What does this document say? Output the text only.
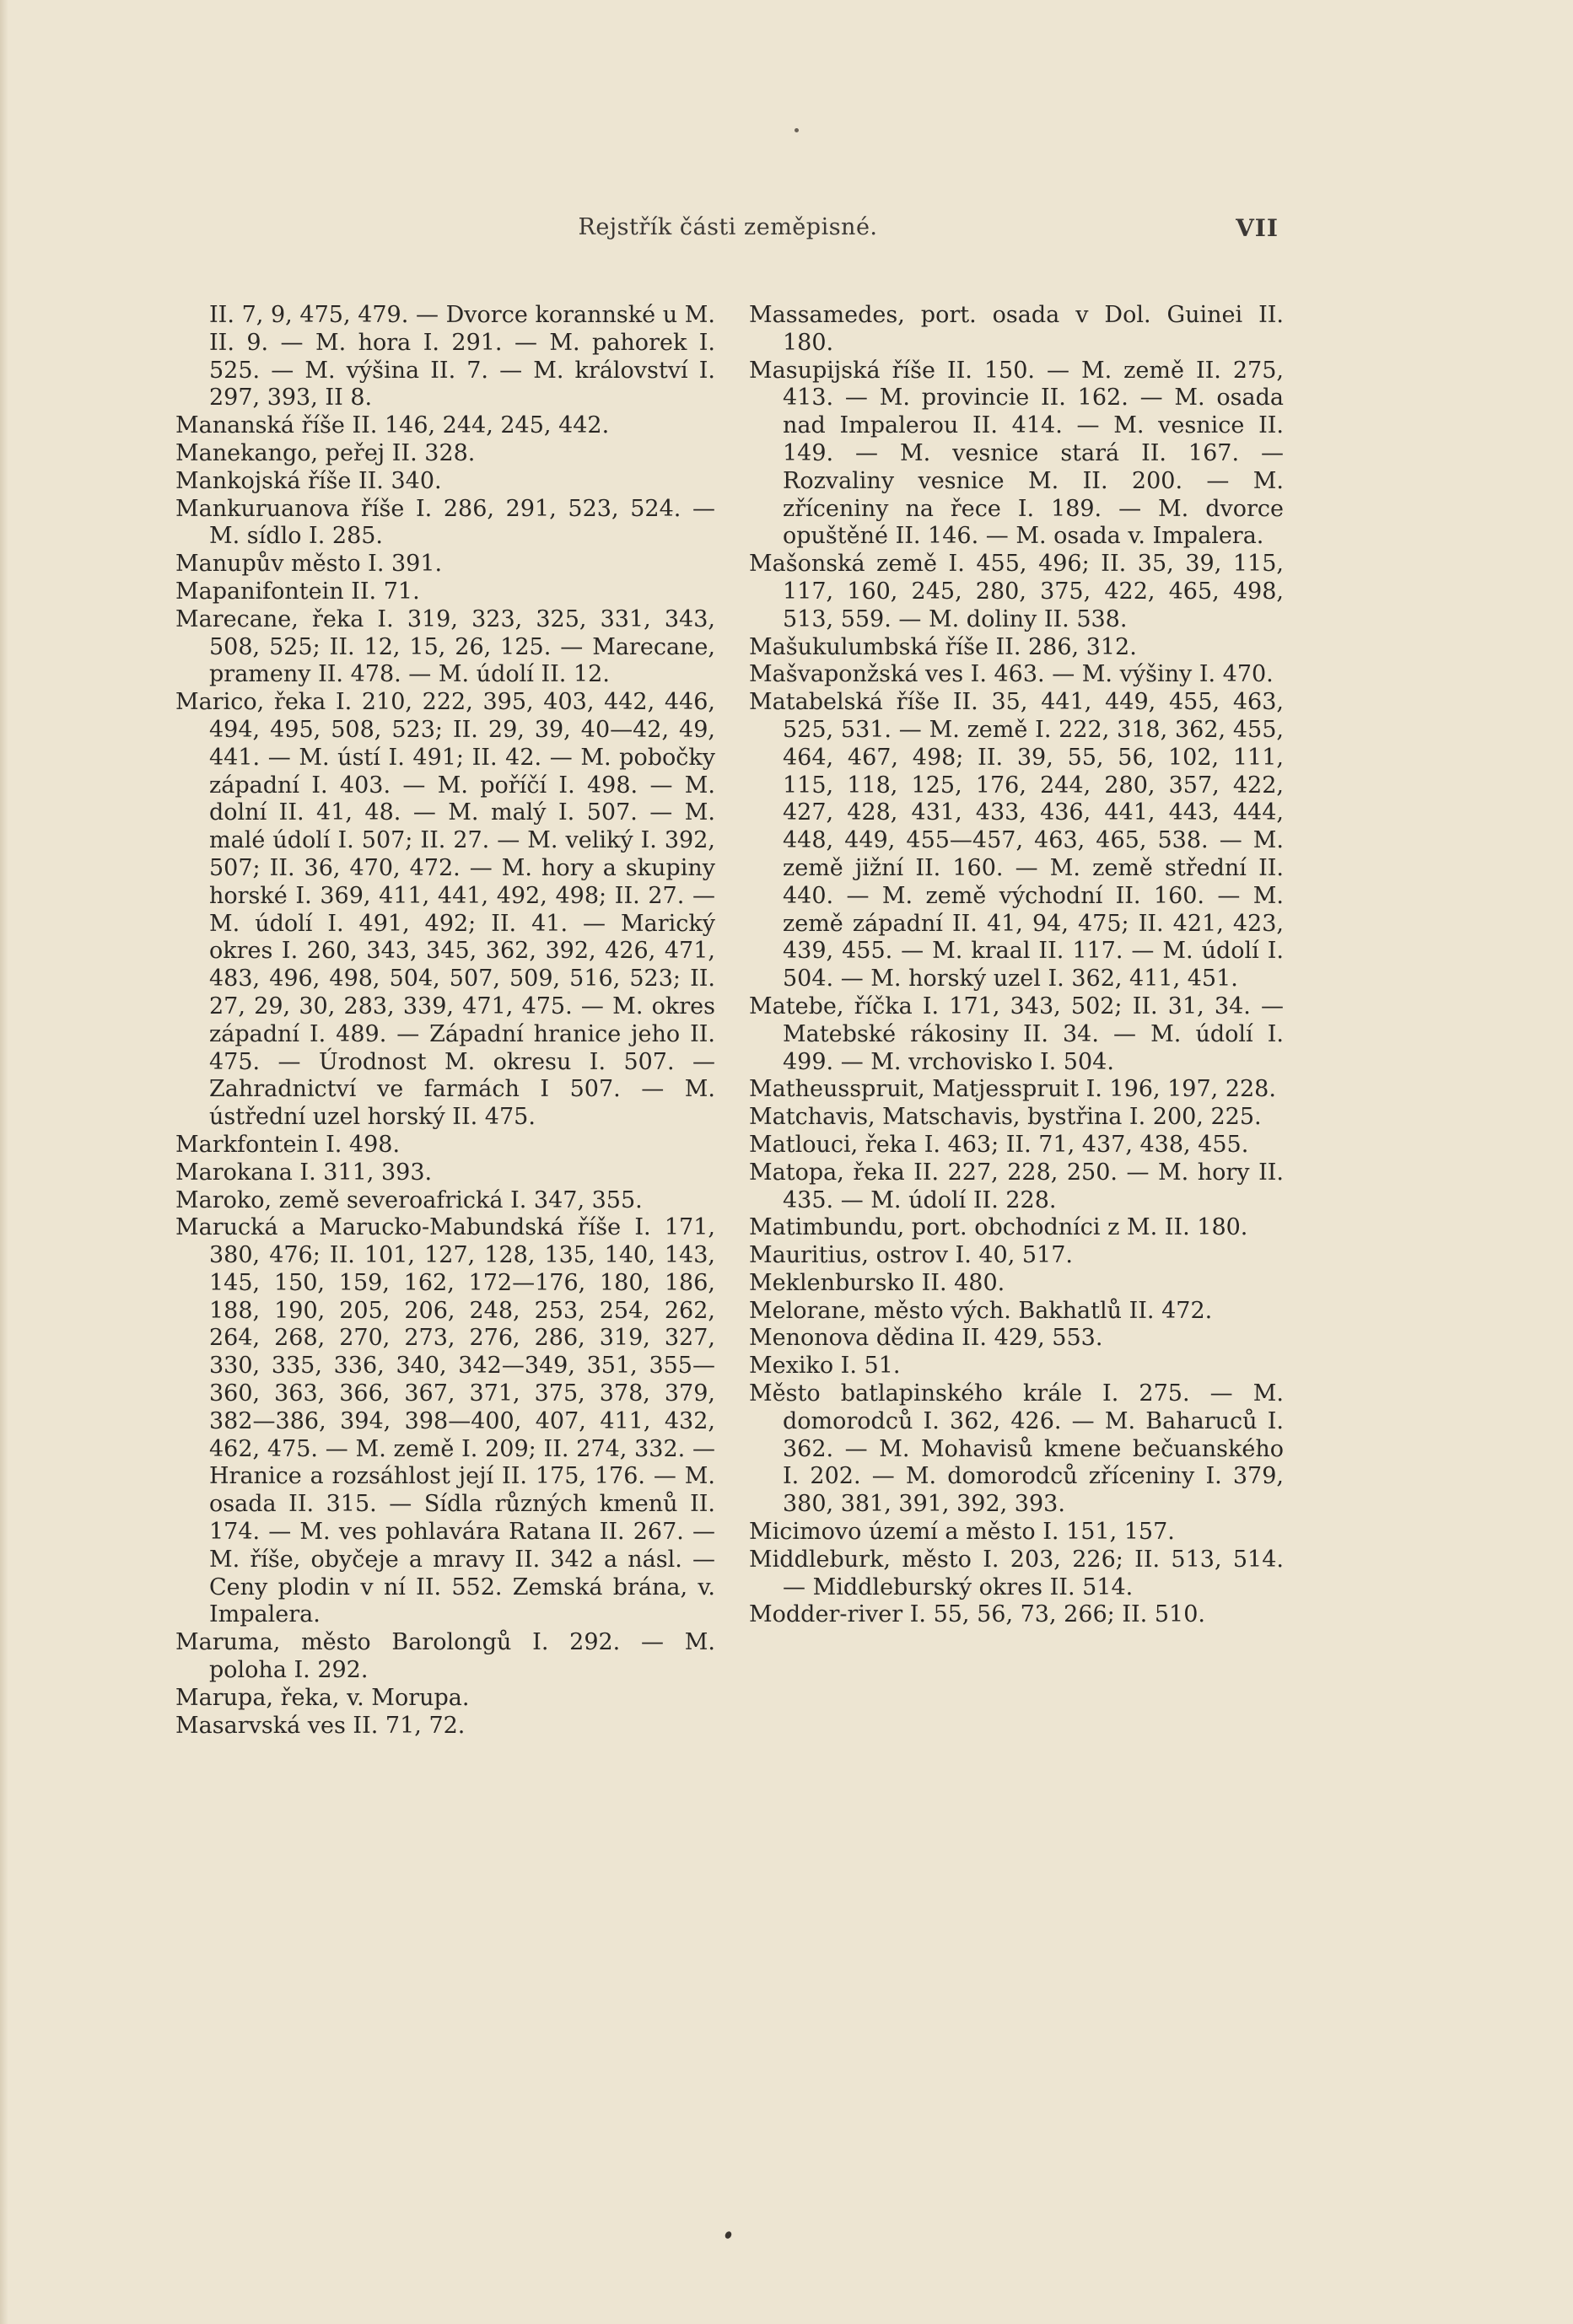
Rejstřík části zeměpisné.	VII

II. 7, 9, 475, 479. — Dvorce korannské u M. II. 9. — M. hora I. 291. — M. pahorek I. 525. — M. výšina II. 7. — M. království I. 297, 393, II 8.

Mananská říše II. 146, 244, 245, 442.

Manekango, peřej II. 328.

Mankojská říše II. 340.

Mankuruanova říše I. 286, 291, 523, 524. — M. sídlo I. 285.

Manupův město I. 391.

Mapanifontein II. 71.

Marecane, řeka I. 319, 323, 325, 331, 343, 508, 525; II. 12, 15, 26, 125. — Marecane, prameny II. 478. — M. údolí II. 12.

Marico, řeka I. 210, 222, 395, 403, 442, 446, 494, 495, 508, 523; II. 29, 39, 40—42, 49, 441. — M. ústí I. 491; II. 42. — M. pobočky západní I. 403. — M. poříčí I. 498. — M. dolní II. 41, 48. — M. malý I. 507. — M. malé údolí I. 507; II. 27. — M. veliký I. 392, 507; II. 36, 470, 472. — M. hory a skupiny horské I. 369, 411, 441, 492, 498; II. 27. — M. údolí I. 491, 492; II. 41. — Marický okres I. 260, 343, 345, 362, 392, 426, 471, 483, 496, 498, 504, 507, 509, 516, 523; II. 27, 29, 30, 283, 339, 471, 475. — M. okres západní I. 489. — Západní hranice jeho II. 475. — Úrodnost M. okresu I. 507. — Zahradnictví ve farmách I 507. — M. ústřední uzel horský II. 475.

Markfontein I. 498.

Marokana I. 311, 393.

Maroko, země severoafrická I. 347, 355.

Marucká a Marucko-Mabundská říše I. 171, 380, 476; II. 101, 127, 128, 135, 140, 143, 145, 150, 159, 162, 172—176, 180, 186, 188, 190, 205, 206, 248, 253, 254, 262, 264, 268, 270, 273, 276, 286, 319, 327, 330, 335, 336, 340, 342—349, 351, 355—360, 363, 366, 367, 371, 375, 378, 379, 382—386, 394, 398—400, 407, 411, 432, 462, 475. — M. země I. 209; II. 274, 332. — Hranice a rozsáhlost její II. 175, 176. — M. osada II. 315. — Sídla různých kmenů II. 174. — M. ves pohlavára Ratana II. 267. — M. říše, obyčeje a mravy II. 342 a násl. — Ceny plodin v ní II. 552. Zemská brána, v. Impalera.

Maruma, město Barolongů I. 292. — M. poloha I. 292.

Marupa, řeka, v. Morupa.

Masarvská ves II. 71, 72.

Massamedes, port. osada v Dol. Guinei II. 180.

Masupijská říše II. 150. — M. země II. 275, 413. — M. provincie II. 162. — M. osada nad Impalerou II. 414. — M. vesnice II. 149. — M. vesnice stará II. 167. — Rozvaliny vesnice M. II. 200. — M. zříceniny na řece I. 189. — M. dvorce opuštěné II. 146. — M. osada v. Impalera.

Mašonská země I. 455, 496; II. 35, 39, 115, 117, 160, 245, 280, 375, 422, 465, 498, 513, 559. — M. doliny II. 538.

Mašukulumbská říše II. 286, 312.

Mašvaponžská ves I. 463. — M. výšiny I. 470.

Matabelská říše II. 35, 441, 449, 455, 463, 525, 531. — M. země I. 222, 318, 362, 455, 464, 467, 498; II. 39, 55, 56, 102, 111, 115, 118, 125, 176, 244, 280, 357, 422, 427, 428, 431, 433, 436, 441, 443, 444, 448, 449, 455—457, 463, 465, 538. — M. země jižní II. 160. — M. země střední II. 440. — M. země východní II. 160. — M. země západní II. 41, 94, 475; II. 421, 423, 439, 455. — M. kraal II. 117. — M. údolí I. 504. — M. horský uzel I. 362, 411, 451.

Matebe, říčka I. 171, 343, 502; II. 31, 34. — Matebské rákosiny II. 34. — M. údolí I. 499. — M. vrchovisko I. 504.

Matheusspruit, Matjesspruit I. 196, 197, 228.

Matchavis, Matschavis, bystřina I. 200, 225.

Matlouci, řeka I. 463; II. 71, 437, 438, 455.

Matopa, řeka II. 227, 228, 250. — M. hory II. 435. — M. údolí II. 228.

Matimbundu, port. obchodníci z M. II. 180.

Mauritius, ostrov I. 40, 517.

Meklenbursko II. 480.

Melorane, město vých. Bakhatlů II. 472.

Menonova dědina II. 429, 553.

Mexiko I. 51.

Město batlapinského krále I. 275. — M. domorodců I. 362, 426. — M. Baharuců I. 362. — M. Mohavisů kmene bečuanského I. 202. — M. domorodců zříceniny I. 379, 380, 381, 391, 392, 393.

Micimovo území a město I. 151, 157.

Middleburk, město I. 203, 226; II. 513, 514. — Middleburský okres II. 514.

Modder-river I. 55, 56, 73, 266; II. 510.
